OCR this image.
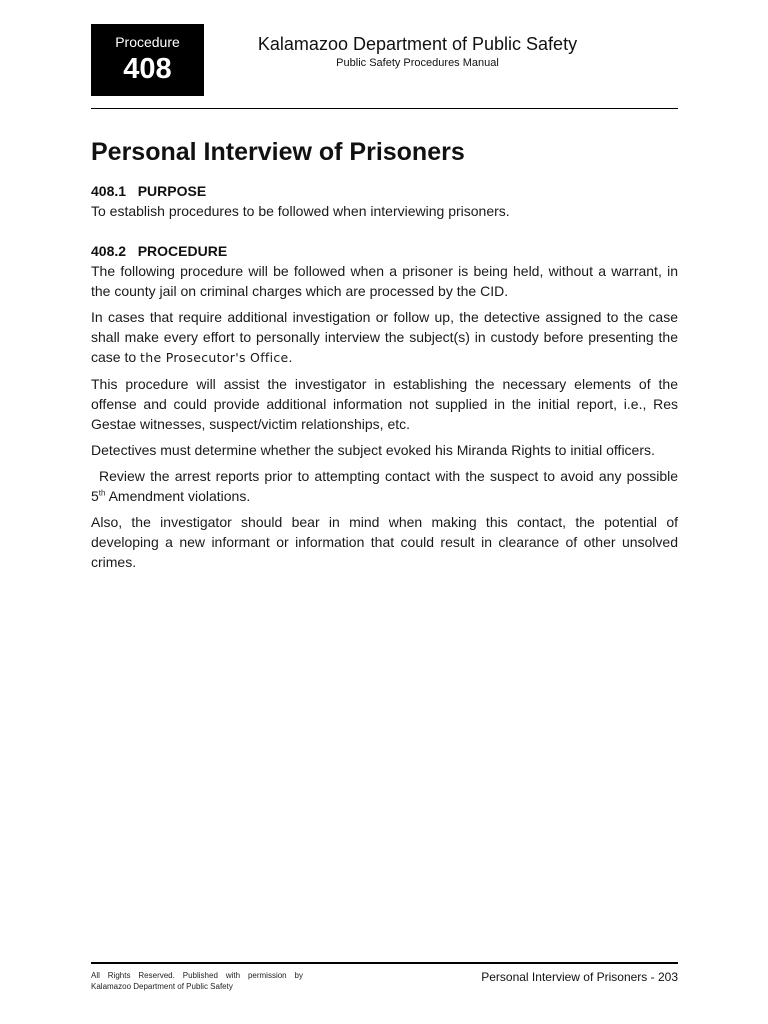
Procedure
408
Kalamazoo Department of Public Safety
Public Safety Procedures Manual
Personal Interview of Prisoners
408.1   PURPOSE

To establish procedures to be followed when interviewing prisoners.

408.2   PROCEDURE

The following procedure will be followed when a prisoner is being held, without a warrant, in the county jail on criminal charges which are processed by the CID.

In cases that require additional investigation or follow up, the detective assigned to the case shall make every effort to personally interview the subject(s) in custody before presenting the case to the Prosecutor's Office.

This procedure will assist the investigator in establishing the necessary elements of the offense and could provide additional information not supplied in the initial report, i.e., Res Gestae witnesses, suspect/victim relationships, etc.

Detectives must determine whether the subject evoked his Miranda Rights to initial officers.

Review the arrest reports prior to attempting contact with the suspect to avoid any possible 5th Amendment violations.

Also, the investigator should bear in mind when making this contact, the potential of developing a new informant or information that could result in clearance of other unsolved crimes.

All Rights Reserved. Published with permission by
Kalamazoo Department of Public Safety
Personal Interview of Prisoners - 203
